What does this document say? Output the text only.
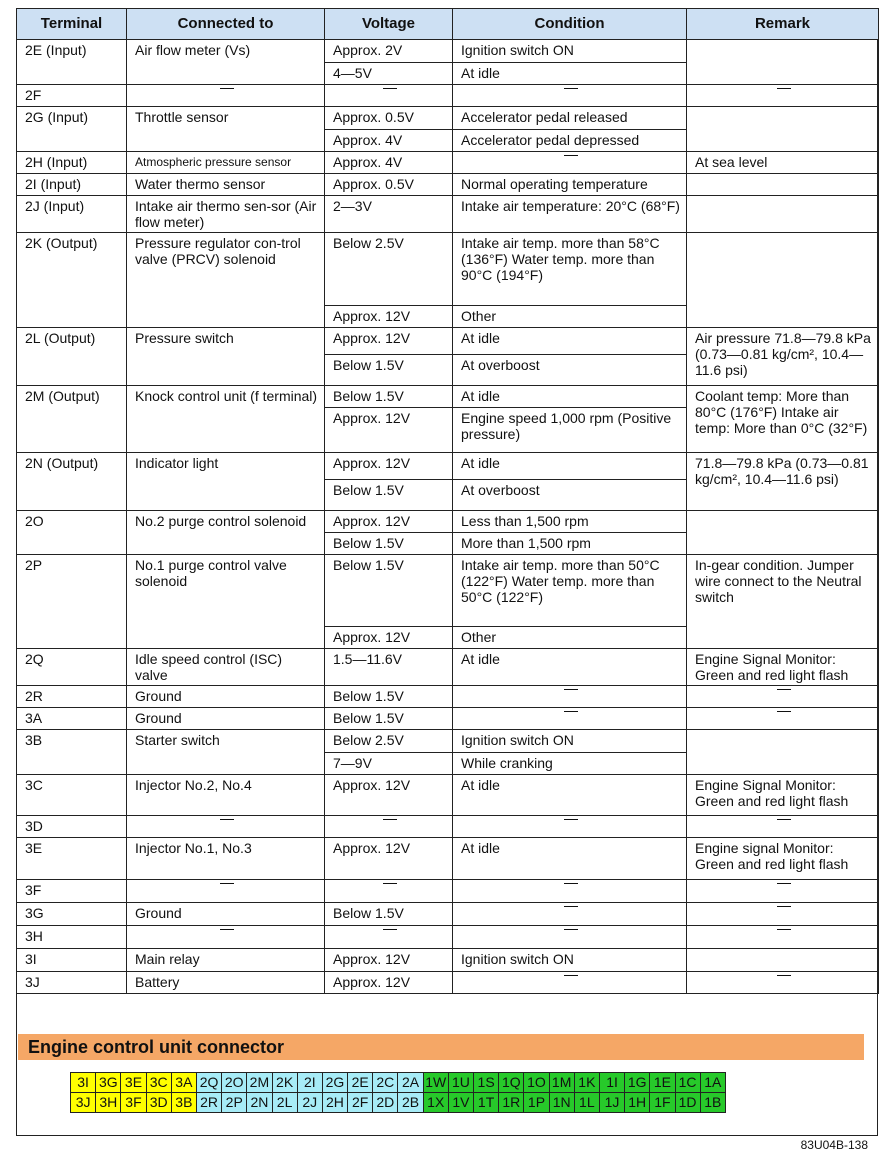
Terminal	Connected to	Voltage	Condition	Remark
2E (Input)	Air flow meter (Vs)	Approx. 2V	Ignition switch ON	
		4—5V	At idle	
2F				
2G (Input)	Throttle sensor	Approx. 0.5V	Accelerator pedal released	
		Approx. 4V	Accelerator pedal depressed	
2H (Input)	Atmospheric pressure sensor	Approx. 4V		At sea level
2I (Input)	Water thermo sensor	Approx. 0.5V	Normal operating temperature	
2J (Input)	Intake air thermo sen-sor (Air flow meter)	2—3V	Intake air temperature: 20°C (68°F)	
2K (Output)	Pressure regulator con-trol valve (PRCV) solenoid	Below 2.5V	Intake air temp. more than 58°C (136°F) Water temp. more than 90°C (194°F)	
		Approx. 12V	Other	
2L (Output)	Pressure switch	Approx. 12V	At idle	Air pressure 71.8—79.8 kPa (0.73—0.81 kg/cm², 10.4—11.6 psi)
		Below 1.5V	At overboost	
2M (Output)	Knock control unit (f terminal)	Below 1.5V	At idle	Coolant temp: More than 80°C (176°F) Intake air temp: More than 0°C (32°F)
		Approx. 12V	Engine speed 1,000 rpm (Positive pressure)	
2N (Output)	Indicator light	Approx. 12V	At idle	71.8—79.8 kPa (0.73—0.81 kg/cm², 10.4—11.6 psi)
		Below 1.5V	At overboost	
2O	No.2 purge control solenoid	Approx. 12V	Less than 1,500 rpm	
		Below 1.5V	More than 1,500 rpm	
2P	No.1 purge control valve solenoid	Below 1.5V	Intake air temp. more than 50°C (122°F) Water temp. more than 50°C (122°F)	In-gear condition. Jumper wire connect to the Neutral switch
		Approx. 12V	Other	
2Q	Idle speed control (ISC) valve	1.5—11.6V	At idle	Engine Signal Monitor: Green and red light flash
2R	Ground	Below 1.5V		
3A	Ground	Below 1.5V		
3B	Starter switch	Below 2.5V	Ignition switch ON	
		7—9V	While cranking	
3C	Injector No.2, No.4	Approx. 12V	At idle	Engine Signal Monitor: Green and red light flash
3D				
3E	Injector No.1, No.3	Approx. 12V	At idle	Engine signal Monitor: Green and red light flash
3F				
3G	Ground	Below 1.5V		
3H				
3I	Main relay	Approx. 12V	Ignition switch ON	
3J	Battery	Approx. 12V		
Engine control unit connector
3I	3G	3E	3C	3A	2Q	2O	2M	2K	2I	2G	2E	2C	2A	1W	1U	1S	1Q	1O	1M	1K	1I	1G	1E	1C	1A
3J	3H	3F	3D	3B	2R	2P	2N	2L	2J	2H	2F	2D	2B	1X	1V	1T	1R	1P	1N	1L	1J	1H	1F	1D	1B
83U04B-138
